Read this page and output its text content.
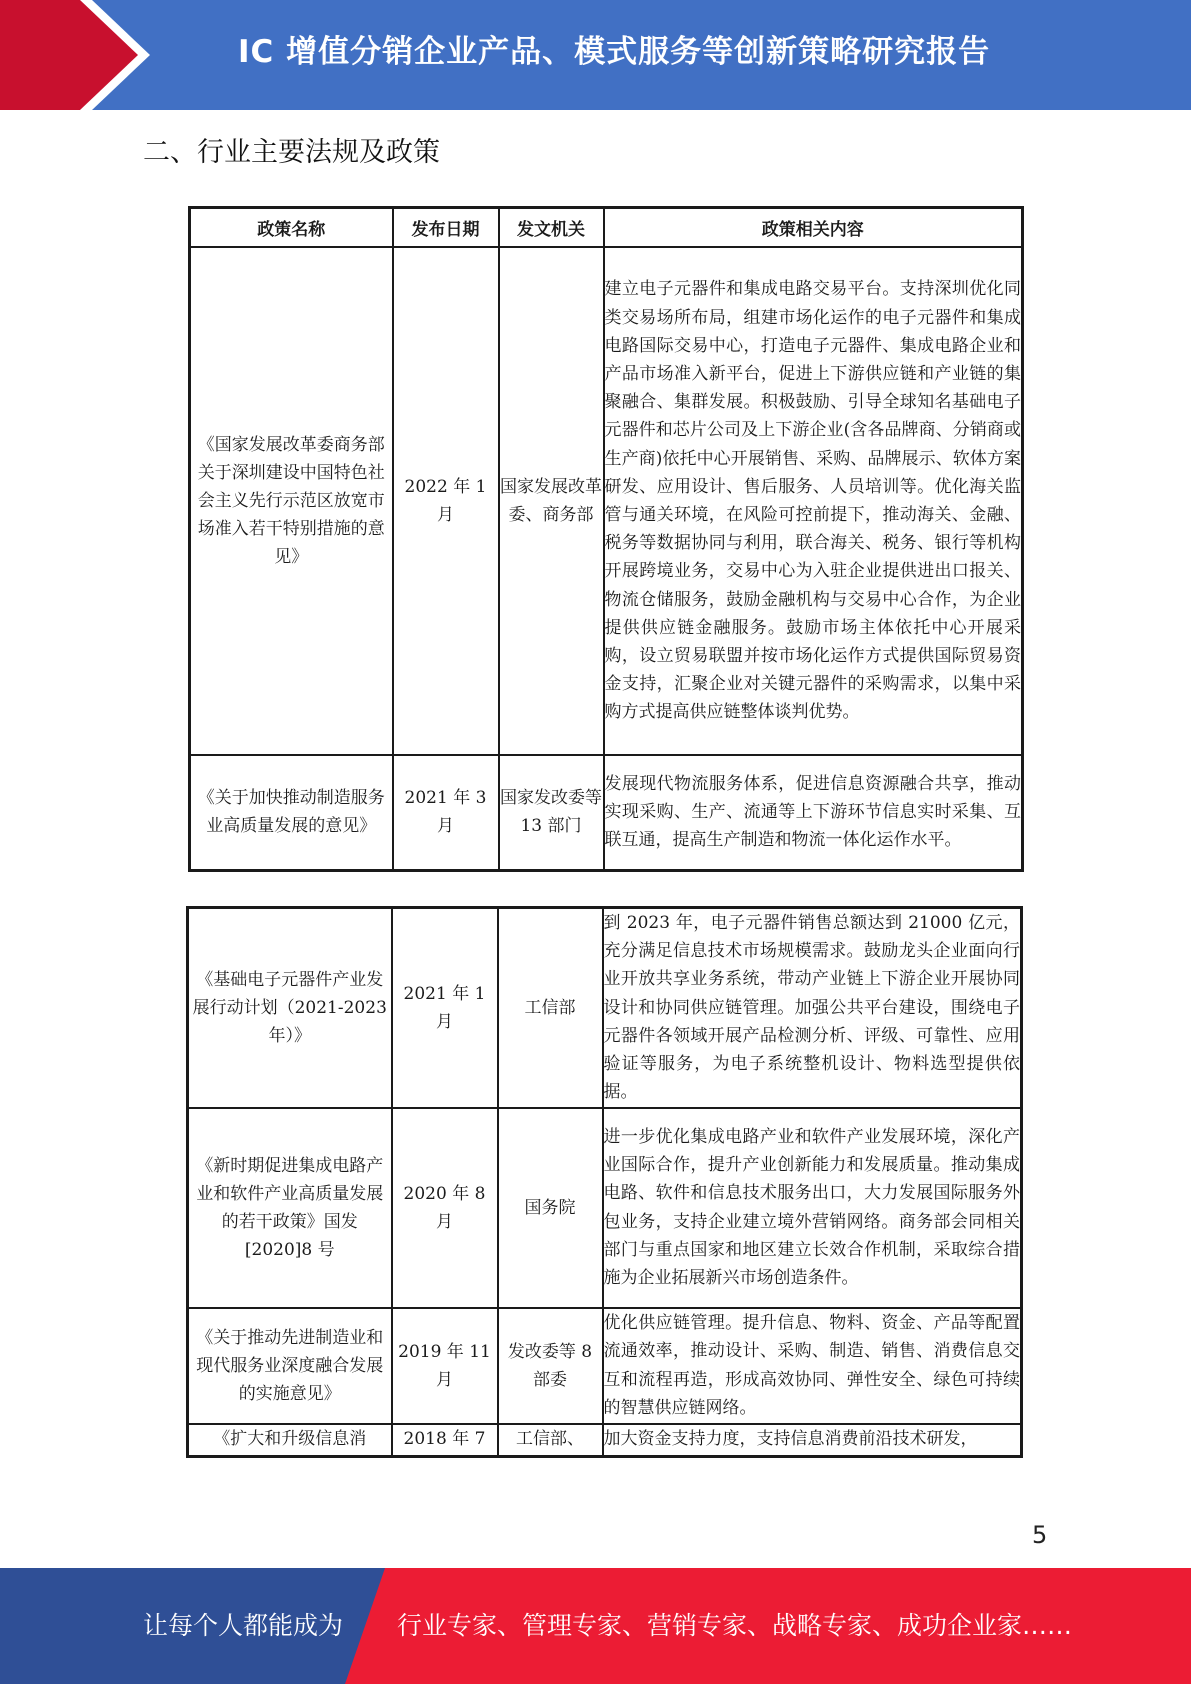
IC 增值分销企业产品、模式服务等创新策略研究报告
二、行业主要法规及政策
政策名称	发布日期	发文机关	政策相关内容
《国家发展改革委商务部关于深圳建设中国特色社会主义先行示范区放宽市场准入若干特别措施的意见》	2022 年 1 月	国家发展改革委、商务部	建立电子元器件和集成电路交易平台。支持深圳优化同类交易场所布局，组建市场化运作的电子元器件和集成电路国际交易中心，打造电子元器件、集成电路企业和产品市场准入新平台，促进上下游供应链和产业链的集聚融合、集群发展。积极鼓励、引导全球知名基础电子元器件和芯片公司及上下游企业(含各品牌商、分销商或生产商)依托中心开展销售、采购、品牌展示、软体方案研发、应用设计、售后服务、人员培训等。优化海关监管与通关环境，在风险可控前提下，推动海关、金融、税务等数据协同与利用，联合海关、税务、银行等机构开展跨境业务，交易中心为入驻企业提供进出口报关、物流仓储服务，鼓励金融机构与交易中心合作，为企业提供供应链金融服务。鼓励市场主体依托中心开展采购，设立贸易联盟并按市场化运作方式提供国际贸易资金支持，汇聚企业对关键元器件的采购需求，以集中采购方式提高供应链整体谈判优势。
《关于加快推动制造服务业高质量发展的意见》	2021 年 3 月	国家发改委等 13 部门	发展现代物流服务体系，促进信息资源融合共享，推动实现采购、生产、流通等上下游环节信息实时采集、互联互通，提高生产制造和物流一体化运作水平。
《基础电子元器件产业发展行动计划（2021-2023 年）》	2021 年 1 月	工信部	到 2023 年，电子元器件销售总额达到 21000 亿元，充分满足信息技术市场规模需求。鼓励龙头企业面向行业开放共享业务系统，带动产业链上下游企业开展协同设计和协同供应链管理。加强公共平台建设，围绕电子元器件各领域开展产品检测分析、评级、可靠性、应用验证等服务，为电子系统整机设计、物料选型提供依据。
《新时期促进集成电路产业和软件产业高质量发展的若干政策》国发[2020]8 号	2020 年 8 月	国务院	进一步优化集成电路产业和软件产业发展环境，深化产业国际合作，提升产业创新能力和发展质量。推动集成电路、软件和信息技术服务出口，大力发展国际服务外包业务，支持企业建立境外营销网络。商务部会同相关部门与重点国家和地区建立长效合作机制，采取综合措施为企业拓展新兴市场创造条件。
《关于推动先进制造业和现代服务业深度融合发展的实施意见》	2019 年 11 月	发改委等 8 部委	优化供应链管理。提升信息、物料、资金、产品等配置流通效率，推动设计、采购、制造、销售、消费信息交互和流程再造，形成高效协同、弹性安全、绿色可持续的智慧供应链网络。
《扩大和升级信息消	2018 年 7	工信部、	加大资金支持力度，支持信息消费前沿技术研发，
5
让每个人都能成为 行业专家、管理专家、营销专家、战略专家、成功企业家……
